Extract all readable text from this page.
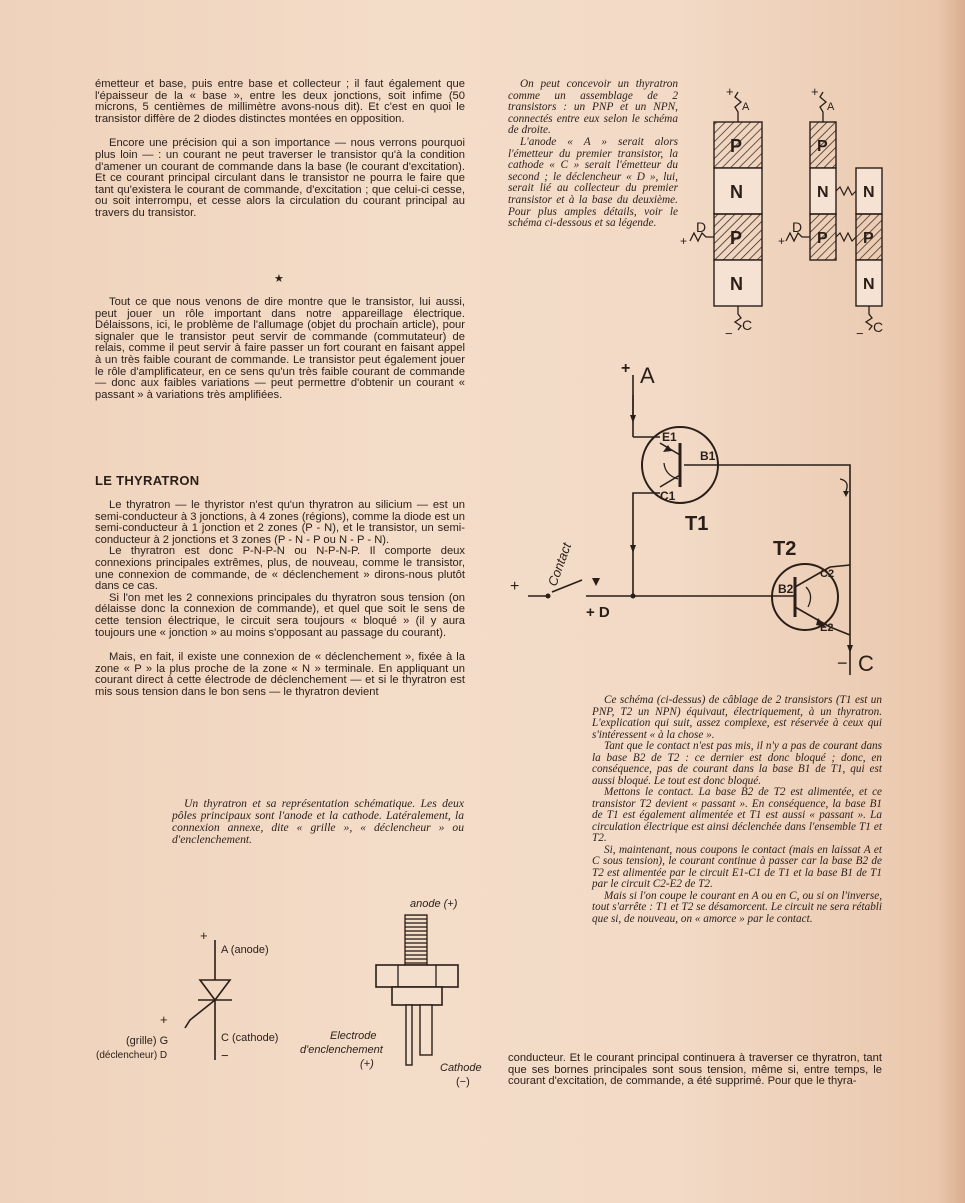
émetteur et base, puis entre base et collecteur ; il faut également que l'épaisseur de la « base », entre les deux jonctions, soit infime (50 microns, 5 centièmes de millimètre avons-nous dit). Et c'est en quoi le transistor diffère de 2 diodes distinctes montées en opposition.

Encore une précision qui a son importance — nous verrons pourquoi plus loin — : un courant ne peut traverser le transistor qu'à la condition d'amener un courant de commande dans la base (le courant d'excitation). Et ce courant principal circulant dans le transistor ne pourra le faire que tant qu'existera le courant de commande, d'excitation ; que celui-ci cesse, ou soit interrompu, et cesse alors la circulation du courant principal au travers du transistor.

★

Tout ce que nous venons de dire montre que le transistor, lui aussi, peut jouer un rôle important dans notre appareillage électrique. Délaissons, ici, le problème de l'allumage (objet du prochain article), pour signaler que le transistor peut servir de commande (commutateur) de relais, comme il peut servir à faire passer un fort courant en faisant appel à un très faible courant de commande. Le transistor peut également jouer le rôle d'amplificateur, en ce sens qu'un très faible courant de commande — donc aux faibles variations — peut permettre d'obtenir un courant « passant » à variations très amplifiées.

LE THYRATRON

Le thyratron — le thyristor n'est qu'un thyratron au silicium — est un semi-conducteur à 3 jonctions, à 4 zones (régions), comme la diode est un semi-conducteur à 1 jonction et 2 zones (P - N), et le transistor, un semi-conducteur à 2 jonctions et 3 zones (P - N - P ou N - P - N).

Le thyratron est donc P-N-P-N ou N-P-N-P. Il comporte deux connexions principales extrêmes, plus, de nouveau, comme le transistor, une connexion de commande, de « déclenchement » dirons-nous plutôt dans ce cas.

Si l'on met les 2 connexions principales du thyratron sous tension (on délaisse donc la connexion de commande), et quel que soit le sens de cette tension électrique, le circuit sera toujours « bloqué » (il y aura toujours une « jonction » au moins s'opposant au passage du courant).

Mais, en fait, il existe une connexion de « déclenchement », fixée à la zone « P » la plus proche de la zone « N » terminale. En appliquant un courant direct à cette électrode de déclenchement — et si le thyratron est mis sous tension dans le bon sens — le thyratron devient

Un thyratron et sa représentation schématique. Les deux pôles principaux sont l'anode et la cathode. Latéralement, la connexion annexe, dite « grille », « déclencheur » ou d'enclenchement.

On peut concevoir un thyratron comme un assemblage de 2 transistors : un PNP et un NPN, connectés entre eux selon le schéma de droite.

L'anode « A » serait alors l'émetteur du premier transistor, la cathode « C » serait l'émetteur du second ; le déclencheur « D », lui, serait lié au collecteur du premier transistor et à la base du deuxième. Pour plus amples détails, voir le schéma ci-dessous et sa légende.

Ce schéma (ci-dessus) de câblage de 2 transistors (T1 est un PNP, T2 un NPN) équivaut, électriquement, à un thyratron. L'explication qui suit, assez complexe, est réservée à ceux qui s'intéressent « à la chose ».

Tant que le contact n'est pas mis, il n'y a pas de courant dans la base B2 de T2 : ce dernier est donc bloqué ; donc, en conséquence, pas de courant dans la base B1 de T1, qui est aussi bloqué. Le tout est donc bloqué.

Mettons le contact. La base B2 de T2 est alimentée, et ce transistor T2 devient « passant ». En conséquence, la base B1 de T1 est également alimentée et T1 est aussi « passant ». La circulation électrique est ainsi déclenchée dans l'ensemble T1 et T2.

Si, maintenant, nous coupons le contact (mais en laissat A et C sous tension), le courant continue à passer car la base B2 de T2 est alimentée par le circuit E1-C1 de T1 et la base B1 de T1 par le circuit C2-E2 de T2.

Mais si l'on coupe le courant en A ou en C, ou si on l'inverse, tout s'arrête : T1 et T2 se désamorcent. Le circuit ne sera rétabli que si, de nouveau, on « amorce » par le contact.

conducteur. Et le courant principal continuera à traverser ce thyratron, tant que ses bornes principales sont sous tension, même si, entre temps, le courant d'excitation, de commande, a été supprimé. Pour que le thyra-

P
N
P
N
+
A
−
C
D
+
P
N
P
N
P
N
+
A
− C
D
+
E1
B1
C1
T1
T2
B2
C2
E2
+ A
Contact
+
+ D
− C
+
A (anode)
C (cathode)
−
+
(grille) G
(déclencheur) D
anode (+)
Electrode
d'enclenchement
(+)	Cathode
(−)
